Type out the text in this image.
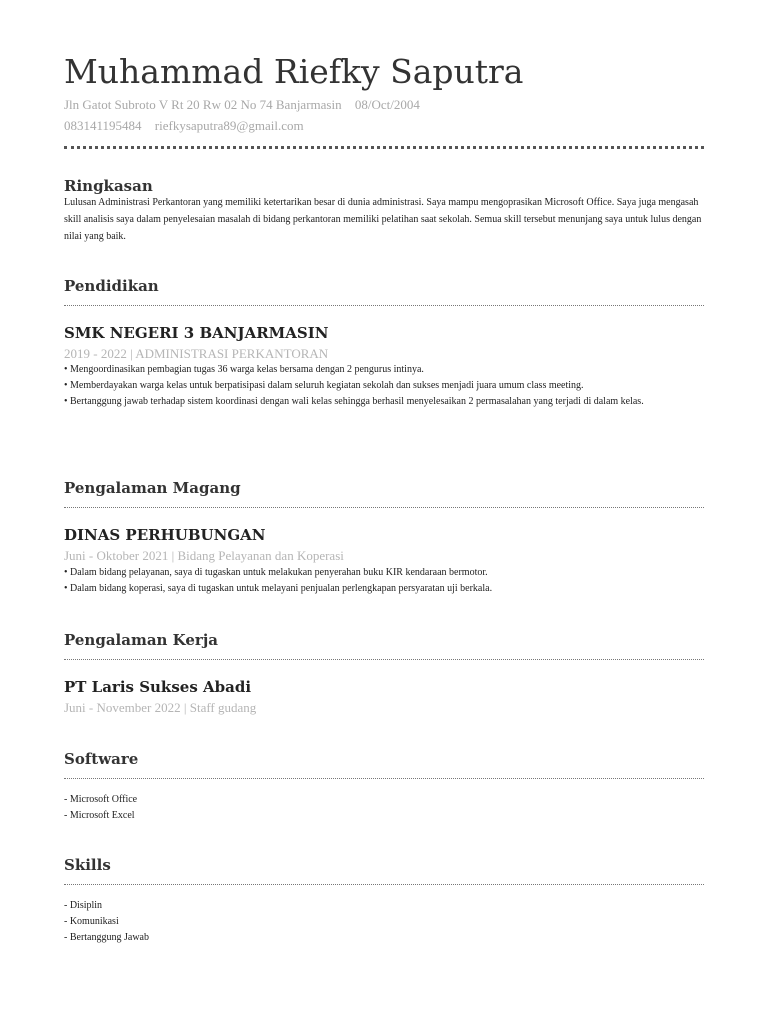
Muhammad Riefky Saputra
Jln Gatot Subroto V Rt 20 Rw 02 No 74 Banjarmasin 08/Oct/2004
083141195484 riefkysaputra89@gmail.com
Ringkasan
Lulusan Administrasi Perkantoran yang memiliki ketertarikan besar di dunia administrasi. Saya mampu mengoprasikan Microsoft Office. Saya juga mengasah skill analisis saya dalam penyelesaian masalah di bidang perkantoran memiliki pelatihan saat sekolah. Semua skill tersebut menunjang saya untuk lulus dengan nilai yang baik.
Pendidikan
SMK NEGERI 3 BANJARMASIN
2019 - 2022 | ADMINISTRASI PERKANTORAN
• Mengoordinasikan pembagian tugas 36 warga kelas bersama dengan 2 pengurus intinya.
• Memberdayakan warga kelas untuk berpatisipasi dalam seluruh kegiatan sekolah dan sukses menjadi juara umum class meeting.
• Bertanggung jawab terhadap sistem koordinasi dengan wali kelas sehingga berhasil menyelesaikan 2 permasalahan yang terjadi di dalam kelas.
Pengalaman Magang
DINAS PERHUBUNGAN
Juni - Oktober 2021 | Bidang Pelayanan dan Koperasi
• Dalam bidang pelayanan, saya di tugaskan untuk melakukan penyerahan buku KIR kendaraan bermotor.
• Dalam bidang koperasi, saya di tugaskan untuk melayani penjualan perlengkapan persyaratan uji berkala.
Pengalaman Kerja
PT Laris Sukses Abadi
Juni - November 2022 | Staff gudang
Software
- Microsoft Office
- Microsoft Excel
Skills
- Disiplin
- Komunikasi
- Bertanggung Jawab
